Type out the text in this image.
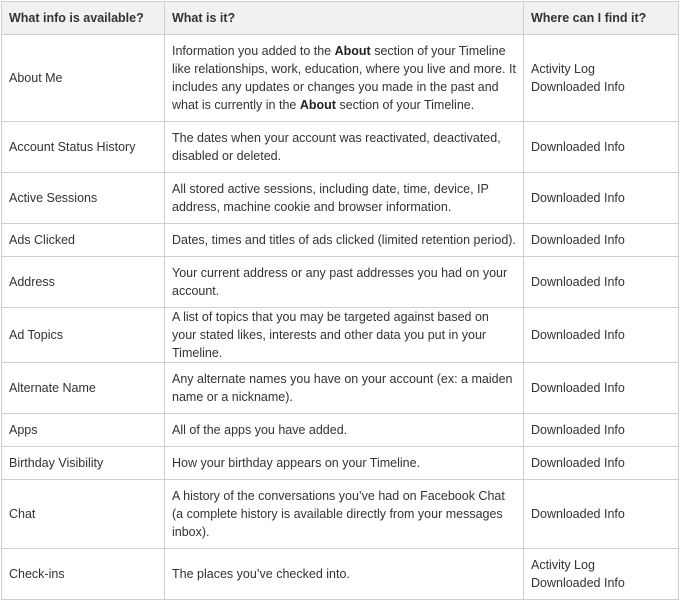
What info is available?	What is it?	Where can I find it?
About Me	Information you added to the About section of your Timeline like relationships, work, education, where you live and more. It includes any updates or changes you made in the past and what is currently in the About section of your Timeline.	Activity Log
Downloaded Info

Account Status History	The dates when your account was reactivated, deactivated, disabled or deleted.	Downloaded Info

Active Sessions	All stored active sessions, including date, time, device, IP address, machine cookie and browser information.	Downloaded Info

Ads Clicked	Dates, times and titles of ads clicked (limited retention period).	Downloaded Info

Address	Your current address or any past addresses you had on your account.	Downloaded Info

Ad Topics	A list of topics that you may be targeted against based on your stated likes, interests and other data you put in your Timeline.	Downloaded Info

Alternate Name	Any alternate names you have on your account (ex: a maiden name or a nickname).	Downloaded Info

Apps	All of the apps you have added.	Downloaded Info

Birthday Visibility	How your birthday appears on your Timeline.	Downloaded Info

Chat	A history of the conversations you’ve had on Facebook Chat (a complete history is available directly from your messages inbox).	Downloaded Info

Check-ins	The places you’ve checked into.	Activity Log
Downloaded Info
